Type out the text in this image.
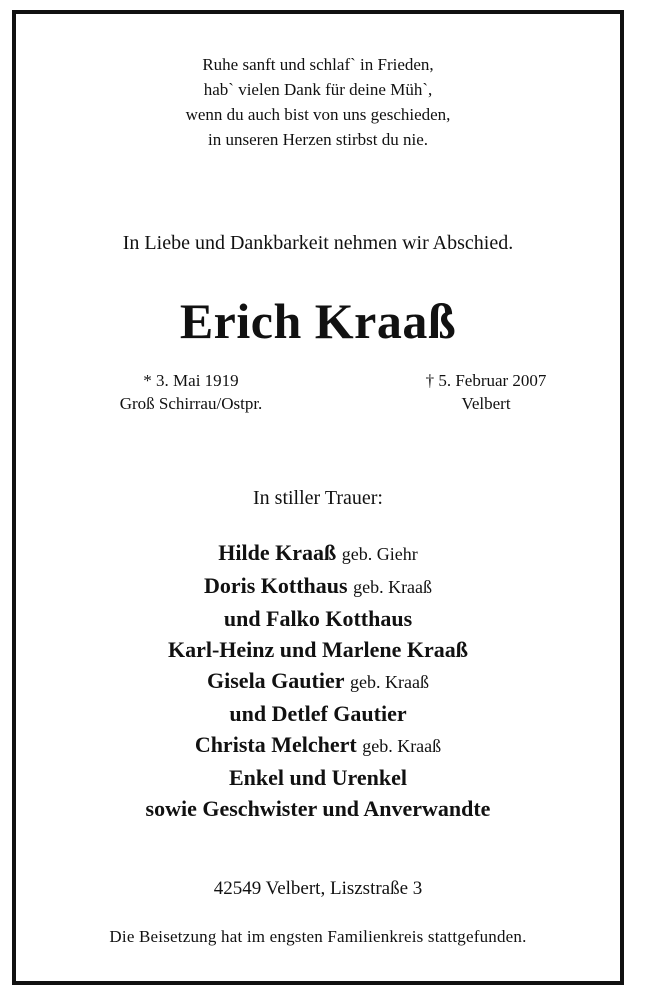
Ruhe sanft und schlaf` in Frieden,
hab` vielen Dank für deine Müh`,
wenn du auch bist von uns geschieden,
in unseren Herzen stirbst du nie.
In Liebe und Dankbarkeit nehmen wir Abschied.
Erich Kraaß
* 3. Mai 1919
Groß Schirrau/Ostpr.
† 5. Februar 2007
Velbert
In stiller Trauer:
Hilde Kraaß geb. Giehr
Doris Kotthaus geb. Kraaß
und Falko Kotthaus
Karl-Heinz und Marlene Kraaß
Gisela Gautier geb. Kraaß
und Detlef Gautier
Christa Melchert geb. Kraaß
Enkel und Urenkel
sowie Geschwister und Anverwandte
42549 Velbert, Liszstraße 3
Die Beisetzung hat im engsten Familienkreis stattgefunden.
